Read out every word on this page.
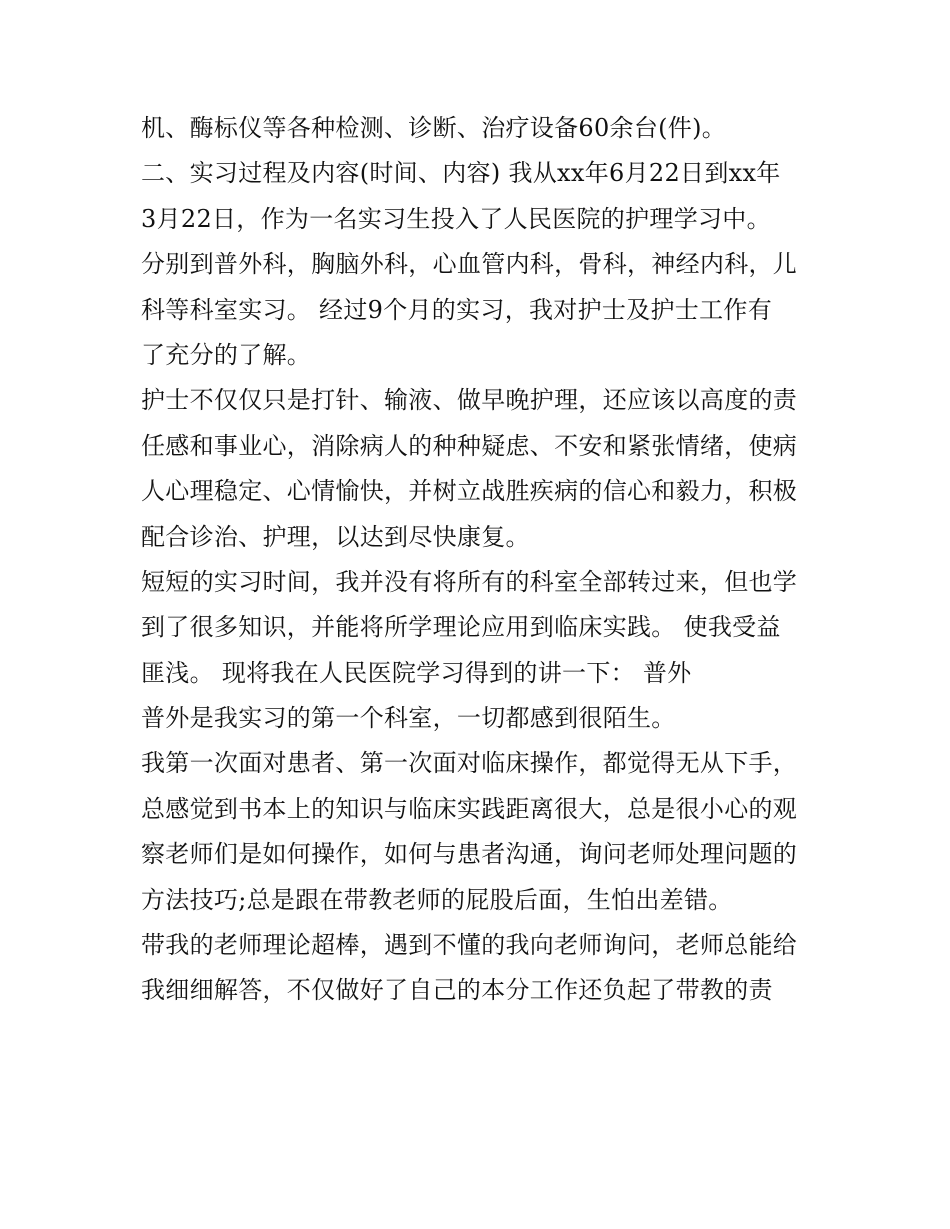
机、酶标仪等各种检测、诊断、治疗设备60余台(件)。
二、实习过程及内容(时间、内容) 我从xx年6月22日到xx年
3月22日，作为一名实习生投入了人民医院的护理学习中。
分别到普外科，胸脑外科，心血管内科，骨科，神经内科，儿
科等科室实习。 经过9个月的实习，我对护士及护士工作有
了充分的了解。
护士不仅仅只是打针、输液、做早晚护理，还应该以高度的责
任感和事业心，消除病人的种种疑虑、不安和紧张情绪，使病
人心理稳定、心情愉快，并树立战胜疾病的信心和毅力，积极
配合诊治、护理，以达到尽快康复。
短短的实习时间，我并没有将所有的科室全部转过来，但也学
到了很多知识，并能将所学理论应用到临床实践。 使我受益
匪浅。 现将我在人民医院学习得到的讲一下： 普外
普外是我实习的第一个科室，一切都感到很陌生。
我第一次面对患者、第一次面对临床操作，都觉得无从下手，
总感觉到书本上的知识与临床实践距离很大，总是很小心的观
察老师们是如何操作，如何与患者沟通，询问老师处理问题的
方法技巧;总是跟在带教老师的屁股后面，生怕出差错。
带我的老师理论超棒，遇到不懂的我向老师询问，老师总能给
我细细解答，不仅做好了自己的本分工作还负起了带教的责
